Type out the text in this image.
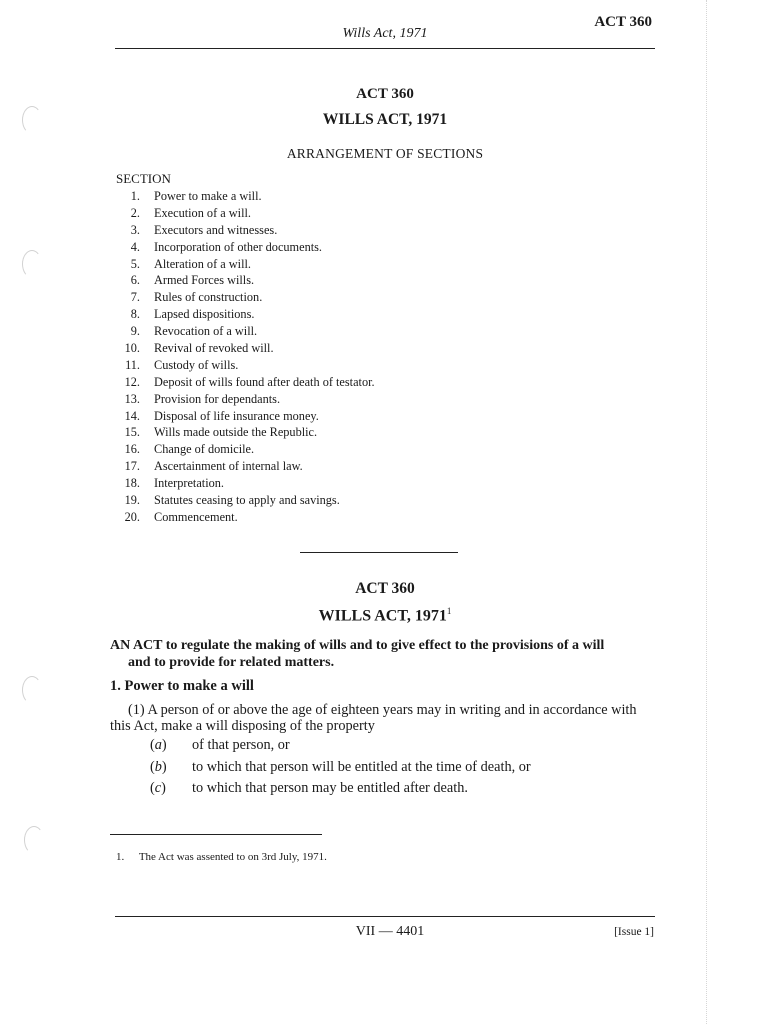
ACT 360
Wills Act, 1971
ACT 360
WILLS ACT, 1971
ARRANGEMENT OF SECTIONS
SECTION
1.	Power to make a will.
2.	Execution of a will.
3.	Executors and witnesses.
4.	Incorporation of other documents.
5.	Alteration of a will.
6.	Armed Forces wills.
7.	Rules of construction.
8.	Lapsed dispositions.
9.	Revocation of a will.
10.	Revival of revoked will.
11.	Custody of wills.
12.	Deposit of wills found after death of testator.
13.	Provision for dependants.
14.	Disposal of life insurance money.
15.	Wills made outside the Republic.
16.	Change of domicile.
17.	Ascertainment of internal law.
18.	Interpretation.
19.	Statutes ceasing to apply and savings.
20.	Commencement.
ACT 360
WILLS ACT, 1971$^1$
AN ACT to regulate the making of wills and to give effect to the provisions of a will
and to provide for related matters.
1. Power to make a will
(1) A person of or above the age of eighteen years may in writing and in accordance with this Act, make a will disposing of the property
(a)	of that person, or
(b)	to which that person will be entitled at the time of death, or
(c)	to which that person may be entitled after death.
1. The Act was assented to on 3rd July, 1971.
VII — 4401	[Issue 1]
